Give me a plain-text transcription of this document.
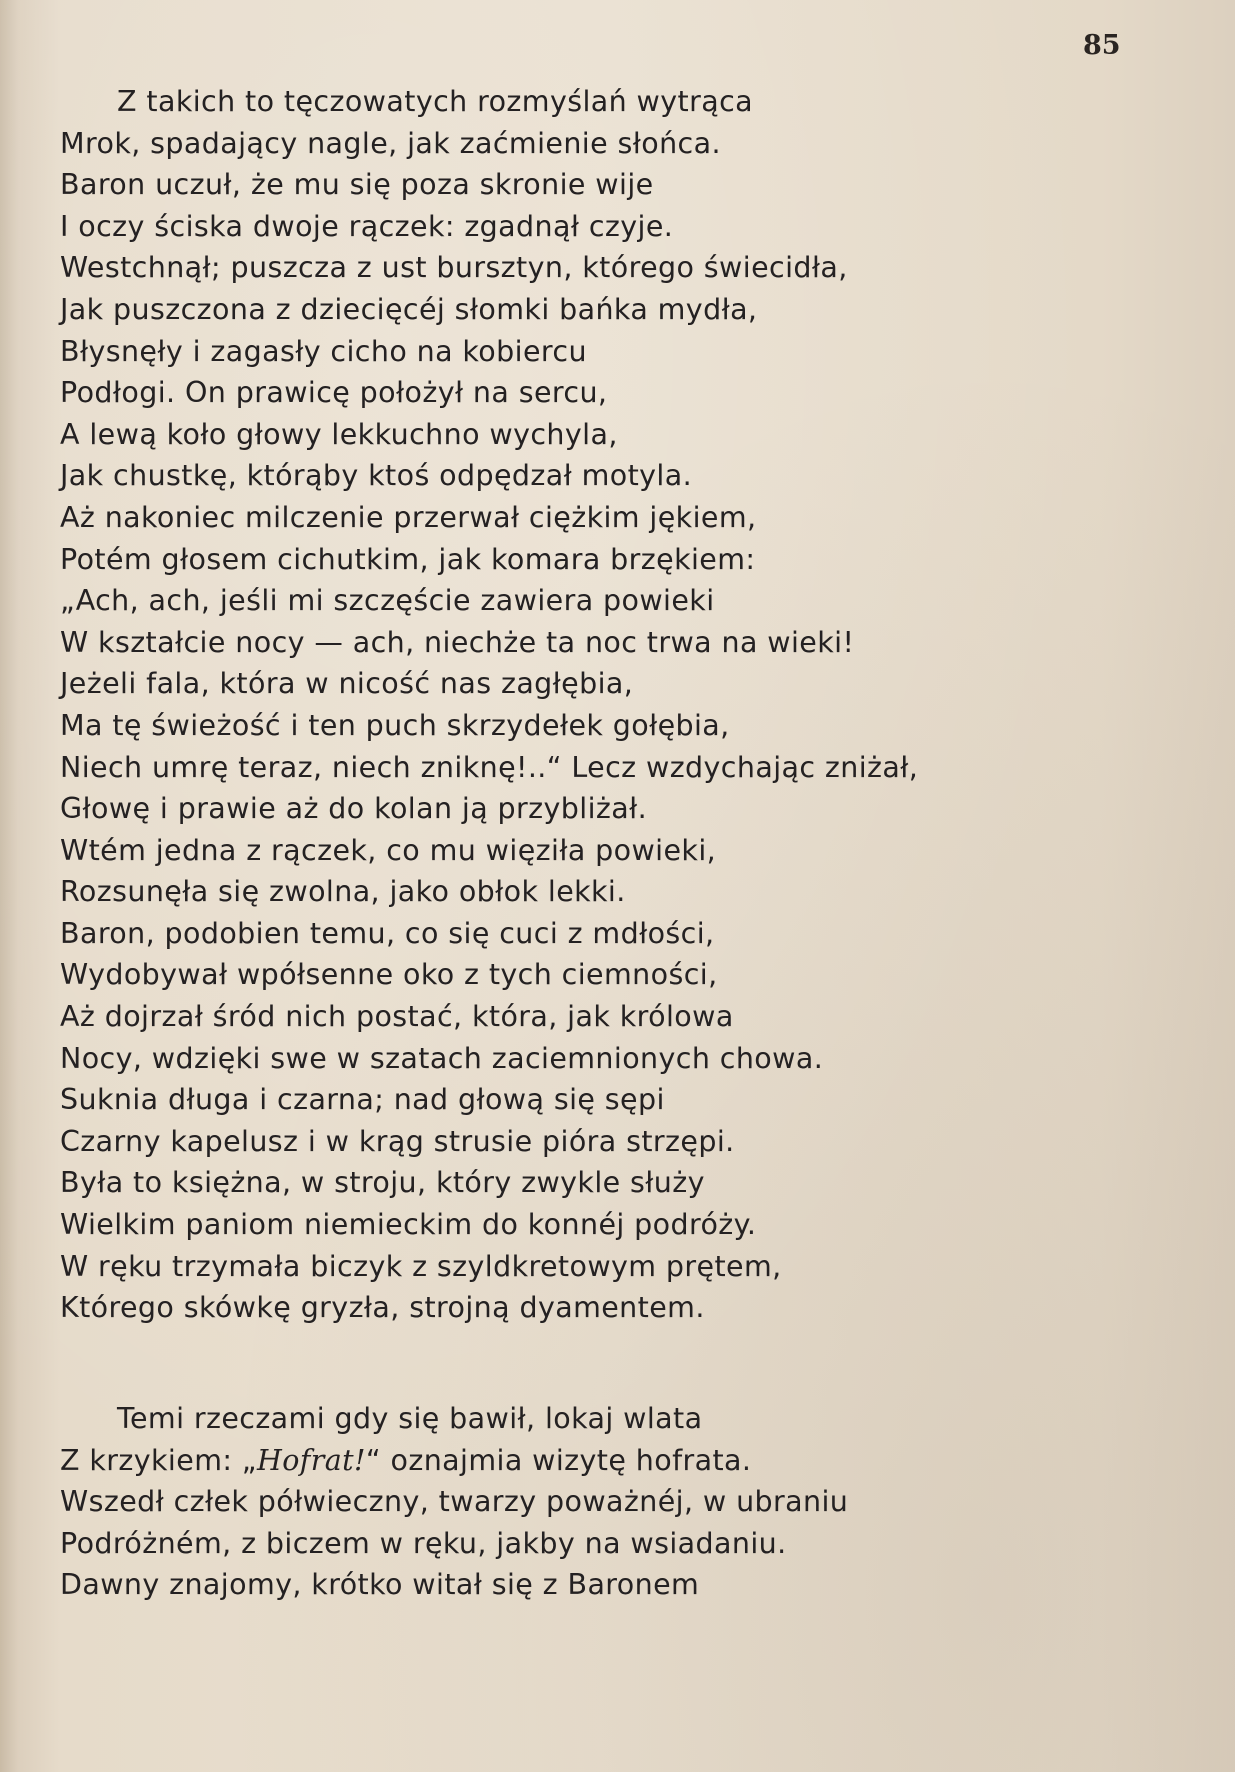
85
Z takich to tęczowatych rozmyślań wytrąca
Mrok, spadający nagle, jak zaćmienie słońca.
Baron uczuł, że mu się poza skronie wije
I oczy ściska dwoje rączek: zgadnął czyje.
Westchnął; puszcza z ust bursztyn, którego świecidła,
Jak puszczona z dziecięcéj słomki bańka mydła,
Błysnęły i zagasły cicho na kobiercu
Podłogi. On prawicę położył na sercu,
A lewą koło głowy lekkuchno wychyla,
Jak chustkę, którąby ktoś odpędzał motyla.
Aż nakoniec milczenie przerwał ciężkim jękiem,
Potém głosem cichutkim, jak komara brzękiem:
„Ach, ach, jeśli mi szczęście zawiera powieki
W kształcie nocy — ach, niechże ta noc trwa na wieki!
Jeżeli fala, która w nicość nas zagłębia,
Ma tę świeżość i ten puch skrzydełek gołębia,
Niech umrę teraz, niech zniknę!..“ Lecz wzdychając zniżał,
Głowę i prawie aż do kolan ją przybliżał.
Wtém jedna z rączek, co mu więziła powieki,
Rozsunęła się zwolna, jako obłok lekki.
Baron, podobien temu, co się cuci z mdłości,
Wydobywał wpółsenne oko z tych ciemności,
Aż dojrzał śród nich postać, która, jak królowa
Nocy, wdzięki swe w szatach zaciemnionych chowa.
Suknia długa i czarna; nad głową się sępi
Czarny kapelusz i w krąg strusie pióra strzępi.
Była to księżna, w stroju, który zwykle służy
Wielkim paniom niemieckim do konnéj podróży.
W ręku trzymała biczyk z szyldkretowym prętem,
Którego skówkę gryzła, strojną dyamentem.
Temi rzeczami gdy się bawił, lokaj wlata
Z krzykiem: „Hofrat!“ oznajmia wizytę hofrata.
Wszedł człek półwieczny, twarzy poważnéj, w ubraniu
Podróżném, z biczem w ręku, jakby na wsiadaniu.
Dawny znajomy, krótko witał się z Baronem
